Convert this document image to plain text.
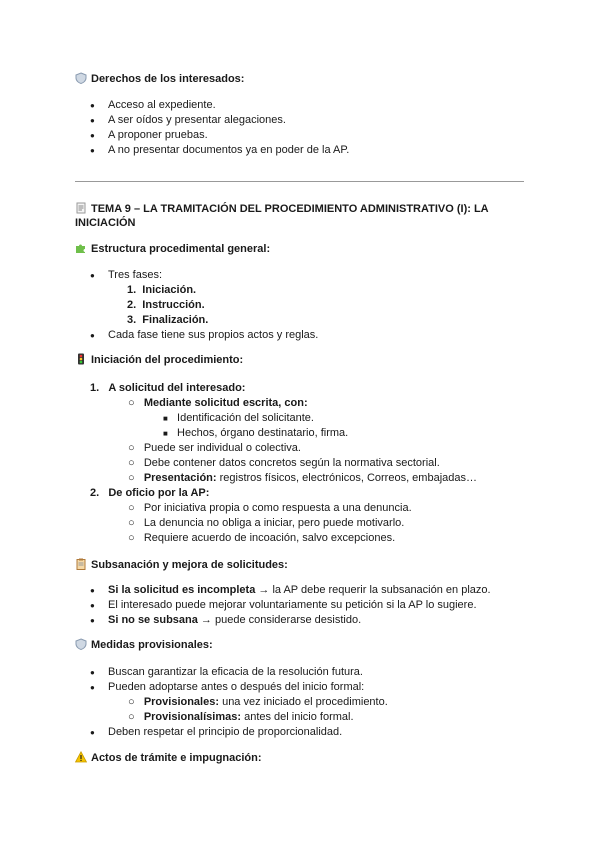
Derechos de los interesados:
Acceso al expediente.
A ser oídos y presentar alegaciones.
A proponer pruebas.
A no presentar documentos ya en poder de la AP.
TEMA 9 – LA TRAMITACIÓN DEL PROCEDIMIENTO ADMINISTRATIVO (I): LA
INICIACIÓN
Estructura procedimental general:
Tres fases:
1.  Iniciación.
2.  Instrucción.
3.  Finalización.
Cada fase tiene sus propios actos y reglas.
Iniciación del procedimiento:
1.   A solicitud del interesado:
○   Mediante solicitud escrita, con:
■ Identificación del solicitante.
■ Hechos, órgano destinatario, firma.
○   Puede ser individual o colectiva.
○   Debe contener datos concretos según la normativa sectorial.
○   Presentación: registros físicos, electrónicos, Correos, embajadas…
2.   De oficio por la AP:
○   Por iniciativa propia o como respuesta a una denuncia.
○   La denuncia no obliga a iniciar, pero puede motivarlo.
○   Requiere acuerdo de incoación, salvo excepciones.
Subsanación y mejora de solicitudes:
Si la solicitud es incompleta → la AP debe requerir la subsanación en plazo.
El interesado puede mejorar voluntariamente su petición si la AP lo sugiere.
Si no se subsana → puede considerarse desistido.
Medidas provisionales:
Buscan garantizar la eficacia de la resolución futura.
Pueden adoptarse antes o después del inicio formal:
○   Provisionales: una vez iniciado el procedimiento.
○   Provisionalísimas: antes del inicio formal.
Deben respetar el principio de proporcionalidad.
Actos de trámite e impugnación:
